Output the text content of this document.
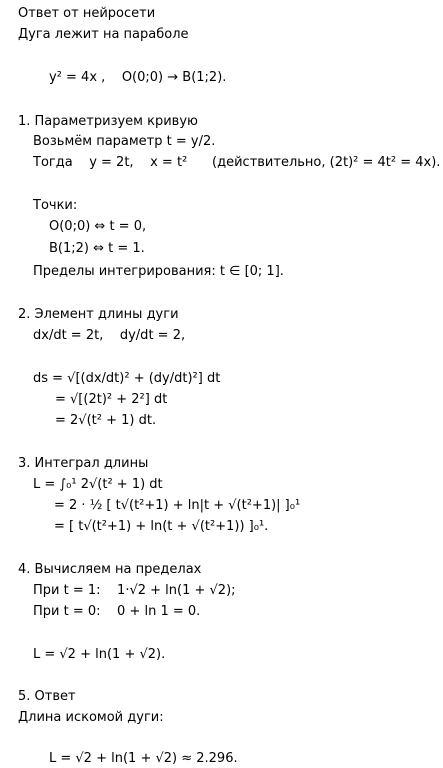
Ответ от нейросети
Дуга лежит на параболе
y² = 4x ,    O(0;0) → B(1;2).
1. Параметризуем кривую
Возьмём параметр t = y/2.
Тогда    y = 2t,    x = t²      (действительно, (2t)² = 4t² = 4x).
Точки:
O(0;0) ⇔ t = 0,
B(1;2) ⇔ t = 1.
Пределы интегрирования: t ∈ [0; 1].
2. Элемент длины дуги
dx/dt = 2t,    dy/dt = 2,
ds = √[(dx/dt)² + (dy/dt)²] dt
= √[(2t)² + 2²] dt
= 2√(t² + 1) dt.
3. Интеграл длины
L = ∫₀¹ 2√(t² + 1) dt
= 2 · ½ [ t√(t²+1) + ln|t + √(t²+1)| ]₀¹
= [ t√(t²+1) + ln(t + √(t²+1)) ]₀¹.
4. Вычисляем на пределах
При t = 1:    1·√2 + ln(1 + √2);
При t = 0:    0 + ln 1 = 0.
L = √2 + ln(1 + √2).
5. Ответ
Длина искомой дуги:
L = √2 + ln(1 + √2) ≈ 2.296.
